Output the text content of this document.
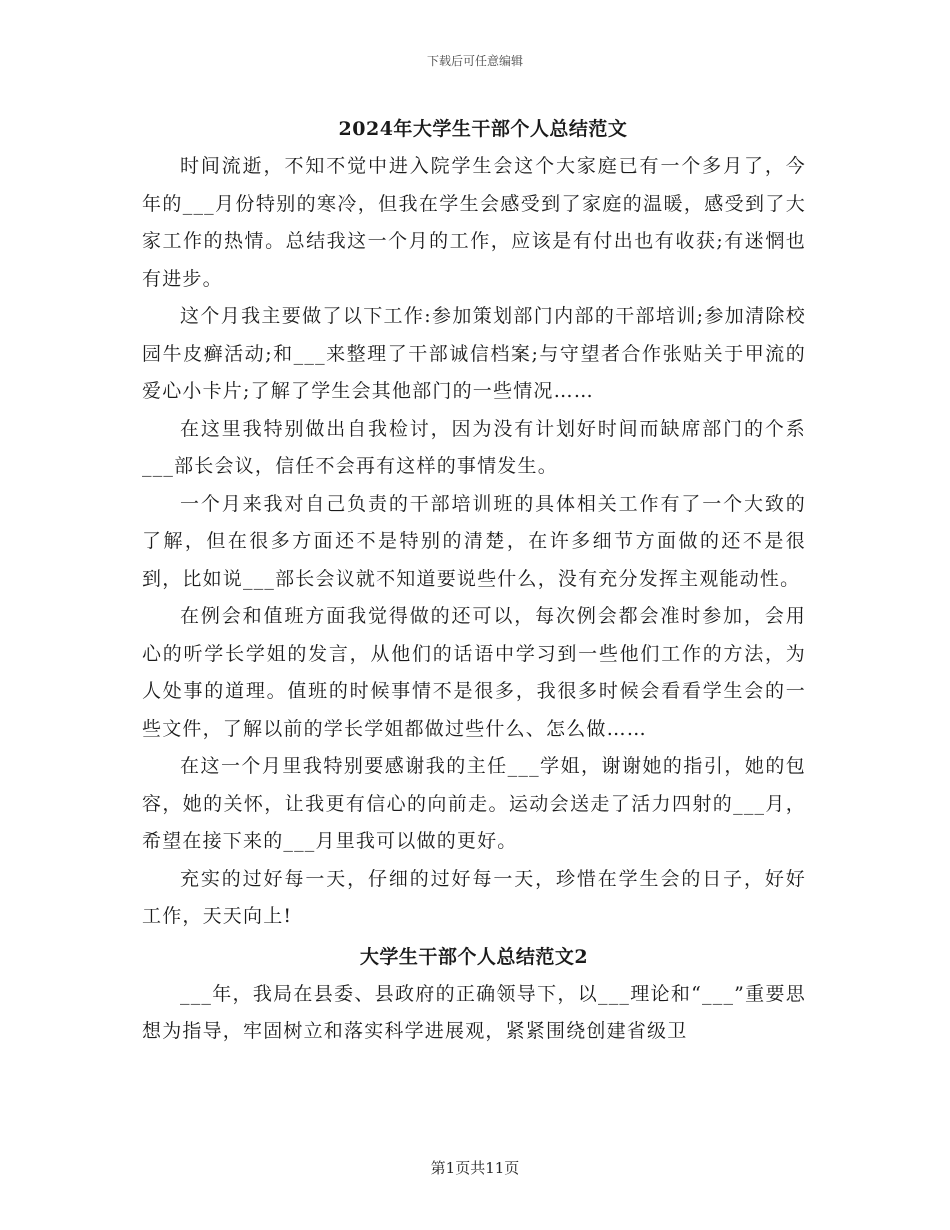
下载后可任意编辑
2024年大学生干部个人总结范文

时间流逝，不知不觉中进入院学生会这个大家庭已有一个多月了，今年的___月份特别的寒冷，但我在学生会感受到了家庭的温暖，感受到了大家工作的热情。总结我这一个月的工作，应该是有付出也有收获;有迷惘也有进步。

这个月我主要做了以下工作:参加策划部门内部的干部培训;参加清除校园牛皮癣活动;和___来整理了干部诚信档案;与守望者合作张贴关于甲流的爱心小卡片;了解了学生会其他部门的一些情况……

在这里我特别做出自我检讨，因为没有计划好时间而缺席部门的个系___部长会议，信任不会再有这样的事情发生。

一个月来我对自己负责的干部培训班的具体相关工作有了一个大致的了解，但在很多方面还不是特别的清楚，在许多细节方面做的还不是很到，比如说___部长会议就不知道要说些什么，没有充分发挥主观能动性。

在例会和值班方面我觉得做的还可以，每次例会都会准时参加，会用心的听学长学姐的发言，从他们的话语中学习到一些他们工作的方法，为人处事的道理。值班的时候事情不是很多，我很多时候会看看学生会的一些文件，了解以前的学长学姐都做过些什么、怎么做……

在这一个月里我特别要感谢我的主任___学姐，谢谢她的指引，她的包容，她的关怀，让我更有信心的向前走。运动会送走了活力四射的___月，希望在接下来的___月里我可以做的更好。

充实的过好每一天，仔细的过好每一天，珍惜在学生会的日子，好好工作，天天向上!

大学生干部个人总结范文2

___年，我局在县委、县政府的正确领导下，以___理论和“___”重要思想为指导，牢固树立和落实科学进展观，紧紧围绕创建省级卫

第1页共11页
